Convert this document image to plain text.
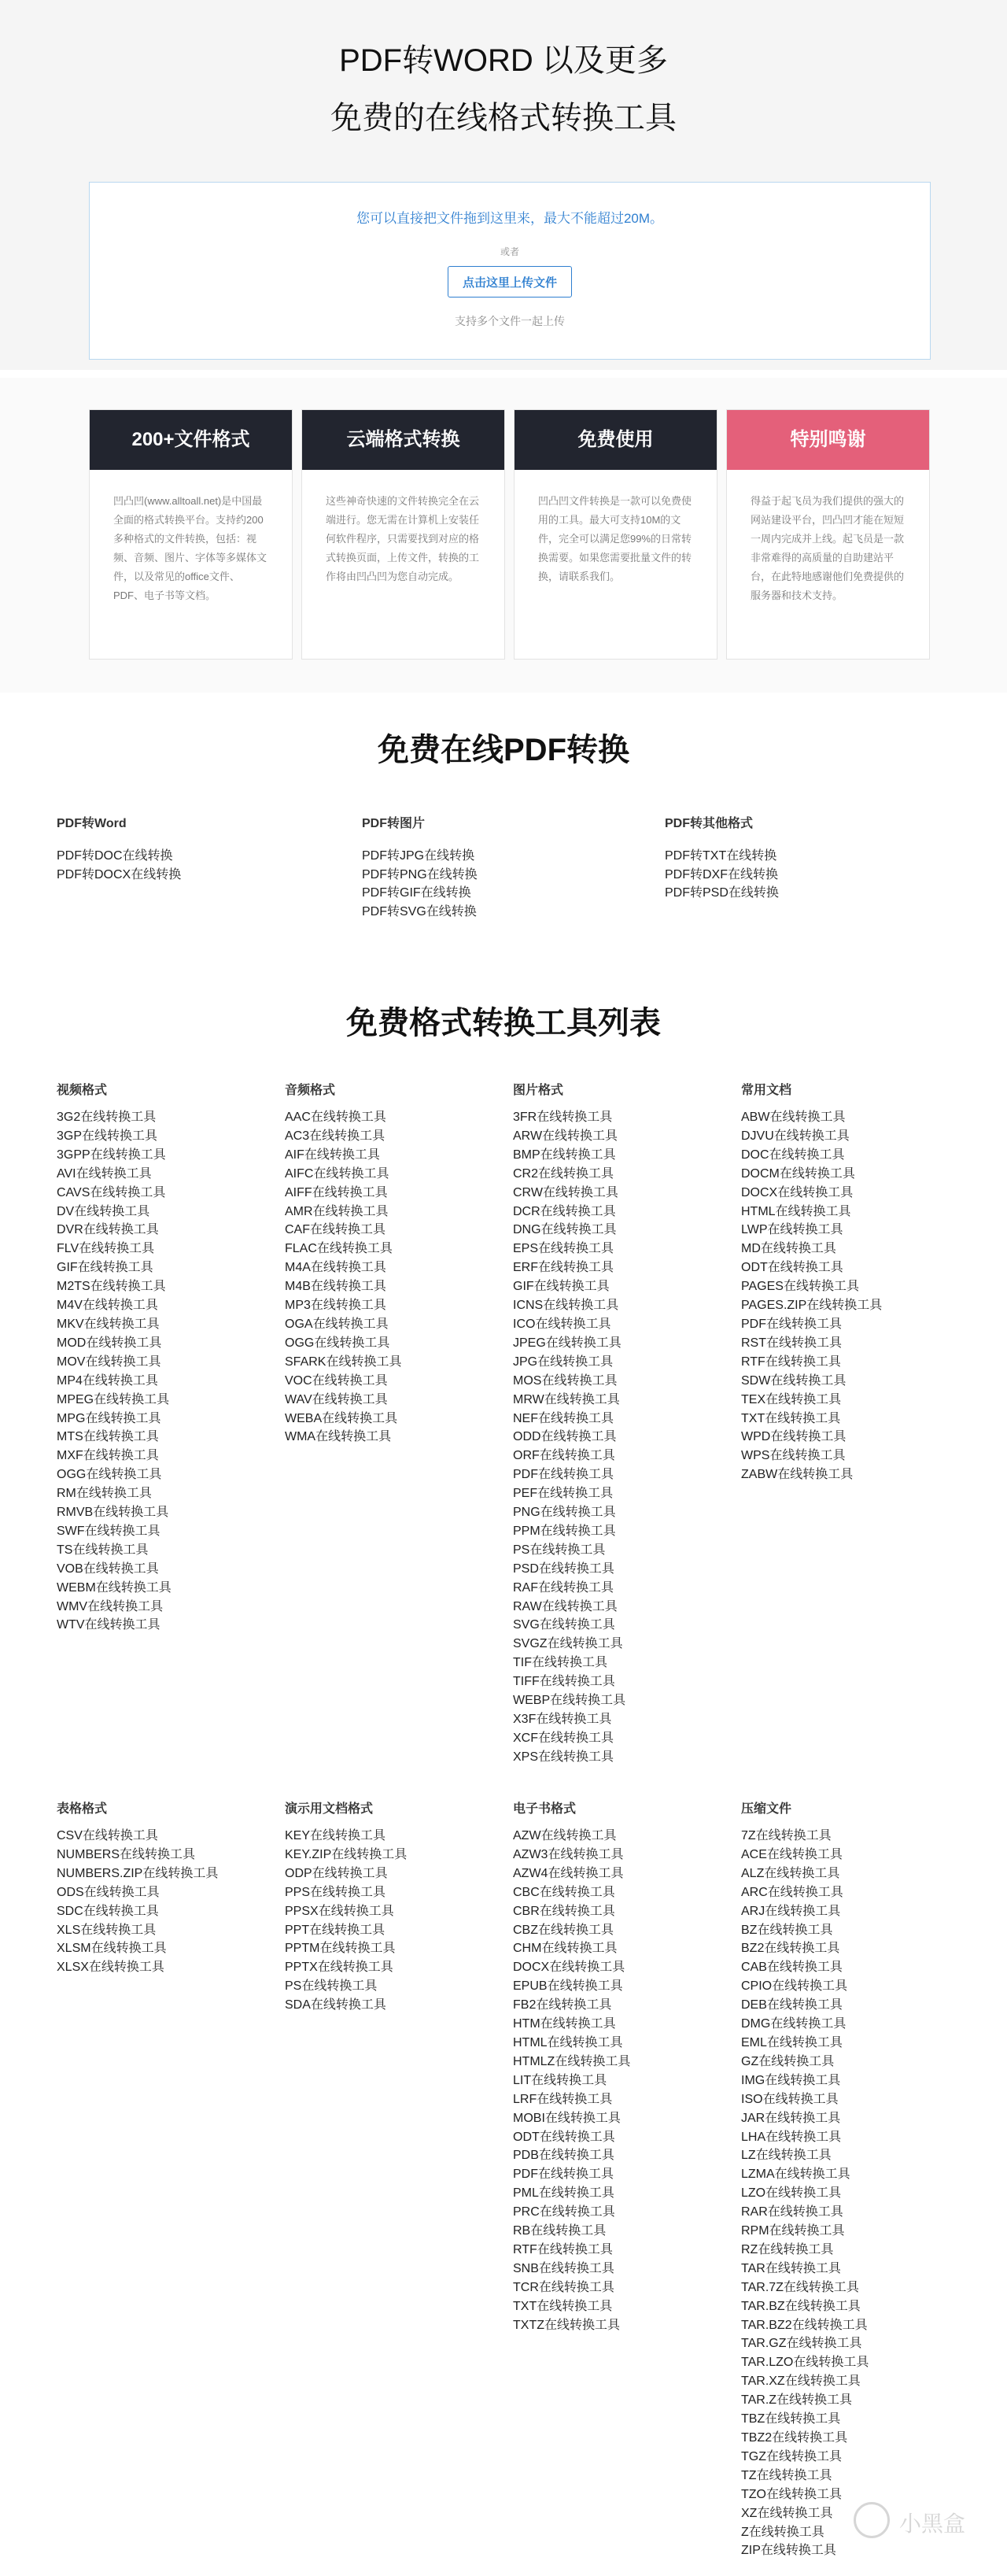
PDF转WORD 以及更多
免费的在线格式转换工具
您可以直接把文件拖到这里来，最大不能超过20M。
或者
点击这里上传文件
支持多个文件一起上传
200+文件格式
凹凸凹(www.alltoall.net)是中国最全面的格式转换平台。支持约200多种格式的文件转换，包括：视频、音频、图片、字体等多媒体文件，以及常见的office文件、PDF、电子书等文档。
云端格式转换
这些神奇快速的文件转换完全在云端进行。您无需在计算机上安装任何软件程序，只需要找到对应的格式转换页面，上传文件，转换的工作将由凹凸凹为您自动完成。
免费使用
凹凸凹文件转换是一款可以免费使用的工具。最大可支持10M的文件，完全可以满足您99%的日常转换需要。如果您需要批量文件的转换，请联系我们。
特别鸣谢
得益于起飞员为我们提供的强大的网站建设平台，凹凸凹才能在短短一周内完成并上线。起飞员是一款非常难得的高质量的自助建站平台，在此特地感谢他们免费提供的服务器和技术支持。
免费在线PDF转换
PDF转Word
PDF转DOC在线转换
PDF转DOCX在线转换
PDF转图片
PDF转JPG在线转换
PDF转PNG在线转换
PDF转GIF在线转换
PDF转SVG在线转换
PDF转其他格式
PDF转TXT在线转换
PDF转DXF在线转换
PDF转PSD在线转换
免费格式转换工具列表
视频格式
3G2在线转换工具
3GP在线转换工具
3GPP在线转换工具
AVI在线转换工具
CAVS在线转换工具
DV在线转换工具
DVR在线转换工具
FLV在线转换工具
GIF在线转换工具
M2TS在线转换工具
M4V在线转换工具
MKV在线转换工具
MOD在线转换工具
MOV在线转换工具
MP4在线转换工具
MPEG在线转换工具
MPG在线转换工具
MTS在线转换工具
MXF在线转换工具
OGG在线转换工具
RM在线转换工具
RMVB在线转换工具
SWF在线转换工具
TS在线转换工具
VOB在线转换工具
WEBM在线转换工具
WMV在线转换工具
WTV在线转换工具
音频格式
AAC在线转换工具
AC3在线转换工具
AIF在线转换工具
AIFC在线转换工具
AIFF在线转换工具
AMR在线转换工具
CAF在线转换工具
FLAC在线转换工具
M4A在线转换工具
M4B在线转换工具
MP3在线转换工具
OGA在线转换工具
OGG在线转换工具
SFARK在线转换工具
VOC在线转换工具
WAV在线转换工具
WEBA在线转换工具
WMA在线转换工具
图片格式
3FR在线转换工具
ARW在线转换工具
BMP在线转换工具
CR2在线转换工具
CRW在线转换工具
DCR在线转换工具
DNG在线转换工具
EPS在线转换工具
ERF在线转换工具
GIF在线转换工具
ICNS在线转换工具
ICO在线转换工具
JPEG在线转换工具
JPG在线转换工具
MOS在线转换工具
MRW在线转换工具
NEF在线转换工具
ODD在线转换工具
ORF在线转换工具
PDF在线转换工具
PEF在线转换工具
PNG在线转换工具
PPM在线转换工具
PS在线转换工具
PSD在线转换工具
RAF在线转换工具
RAW在线转换工具
SVG在线转换工具
SVGZ在线转换工具
TIF在线转换工具
TIFF在线转换工具
WEBP在线转换工具
X3F在线转换工具
XCF在线转换工具
XPS在线转换工具
常用文档
ABW在线转换工具
DJVU在线转换工具
DOC在线转换工具
DOCM在线转换工具
DOCX在线转换工具
HTML在线转换工具
LWP在线转换工具
MD在线转换工具
ODT在线转换工具
PAGES在线转换工具
PAGES.ZIP在线转换工具
PDF在线转换工具
RST在线转换工具
RTF在线转换工具
SDW在线转换工具
TEX在线转换工具
TXT在线转换工具
WPD在线转换工具
WPS在线转换工具
ZABW在线转换工具
表格格式
CSV在线转换工具
NUMBERS在线转换工具
NUMBERS.ZIP在线转换工具
ODS在线转换工具
SDC在线转换工具
XLS在线转换工具
XLSM在线转换工具
XLSX在线转换工具
演示用文档格式
KEY在线转换工具
KEY.ZIP在线转换工具
ODP在线转换工具
PPS在线转换工具
PPSX在线转换工具
PPT在线转换工具
PPTM在线转换工具
PPTX在线转换工具
PS在线转换工具
SDA在线转换工具
电子书格式
AZW在线转换工具
AZW3在线转换工具
AZW4在线转换工具
CBC在线转换工具
CBR在线转换工具
CBZ在线转换工具
CHM在线转换工具
DOCX在线转换工具
EPUB在线转换工具
FB2在线转换工具
HTM在线转换工具
HTML在线转换工具
HTMLZ在线转换工具
LIT在线转换工具
LRF在线转换工具
MOBI在线转换工具
ODT在线转换工具
PDB在线转换工具
PDF在线转换工具
PML在线转换工具
PRC在线转换工具
RB在线转换工具
RTF在线转换工具
SNB在线转换工具
TCR在线转换工具
TXT在线转换工具
TXTZ在线转换工具
压缩文件
7Z在线转换工具
ACE在线转换工具
ALZ在线转换工具
ARC在线转换工具
ARJ在线转换工具
BZ在线转换工具
BZ2在线转换工具
CAB在线转换工具
CPIO在线转换工具
DEB在线转换工具
DMG在线转换工具
EML在线转换工具
GZ在线转换工具
IMG在线转换工具
ISO在线转换工具
JAR在线转换工具
LHA在线转换工具
LZ在线转换工具
LZMA在线转换工具
LZO在线转换工具
RAR在线转换工具
RPM在线转换工具
RZ在线转换工具
TAR在线转换工具
TAR.7Z在线转换工具
TAR.BZ在线转换工具
TAR.BZ2在线转换工具
TAR.GZ在线转换工具
TAR.LZO在线转换工具
TAR.XZ在线转换工具
TAR.Z在线转换工具
TBZ在线转换工具
TBZ2在线转换工具
TGZ在线转换工具
TZ在线转换工具
TZO在线转换工具
XZ在线转换工具
Z在线转换工具
ZIP在线转换工具
小黑盒
